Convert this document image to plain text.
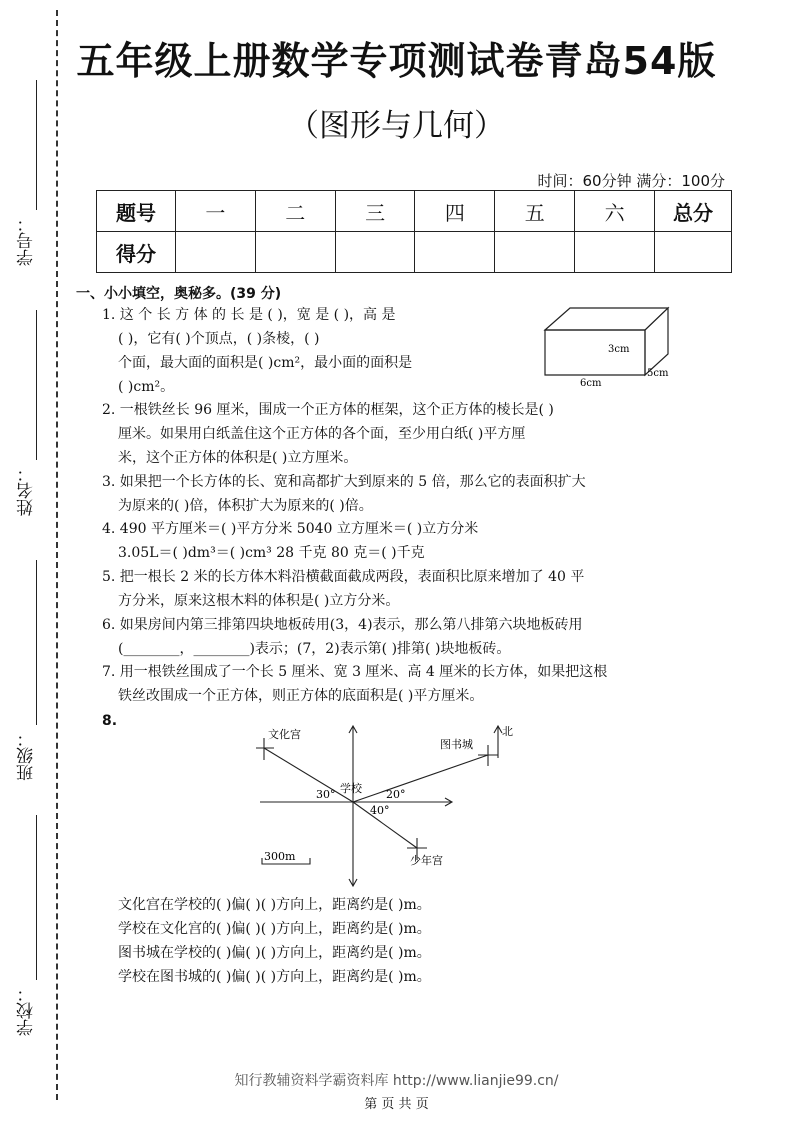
学号：
姓名：
班级：
学校：
五年级上册数学专项测试卷青岛54版
（图形与几何）
时间：60分钟 满分：100分
题号	一	二	三	四	五	六	总分
得分							
一、小小填空，奥秘多。(39 分)
1. 这 个 长 方 体 的 长 是 ( )，宽 是 ( )，高 是
( )，它有( )个顶点，( )条棱，( )
个面，最大面的面积是( )cm²，最小面的面积是
( )cm²。
3cm
6cm
5cm
2. 一根铁丝长 96 厘米，围成一个正方体的框架，这个正方体的棱长是( )
厘米。如果用白纸盖住这个正方体的各个面，至少用白纸( )平方厘
米，这个正方体的体积是( )立方厘米。
3. 如果把一个长方体的长、宽和高都扩大到原来的 5 倍，那么它的表面积扩大
为原来的( )倍，体积扩大为原来的( )倍。
4. 490 平方厘米＝( )平方分米 5040 立方厘米＝( )立方分米
3.05L＝( )dm³＝( )cm³ 28 千克 80 克＝( )千克
5. 把一根长 2 米的长方体木料沿横截面截成两段，表面积比原来增加了 40 平
方分米，原来这根木料的体积是( )立方分米。
6. 如果房间内第三排第四块地板砖用(3，4)表示，那么第八排第六块地板砖用
(________，________)表示；(7，2)表示第( )排第( )块地板砖。
7. 用一根铁丝围成了一个长 5 厘米、宽 3 厘米、高 4 厘米的长方体，如果把这根
铁丝改围成一个正方体，则正方体的底面积是( )平方厘米。
8.
文化宫
图书城
北
学校
少年宫
30°	20°
40°
300m
文化宫在学校的( )偏( )( )方向上，距离约是( )m。
学校在文化宫的( )偏( )( )方向上，距离约是( )m。
图书城在学校的( )偏( )( )方向上，距离约是( )m。
学校在图书城的( )偏( )( )方向上，距离约是( )m。
知行教辅资料学霸资料库 http://www.lianjie99.cn/
第 页 共 页
